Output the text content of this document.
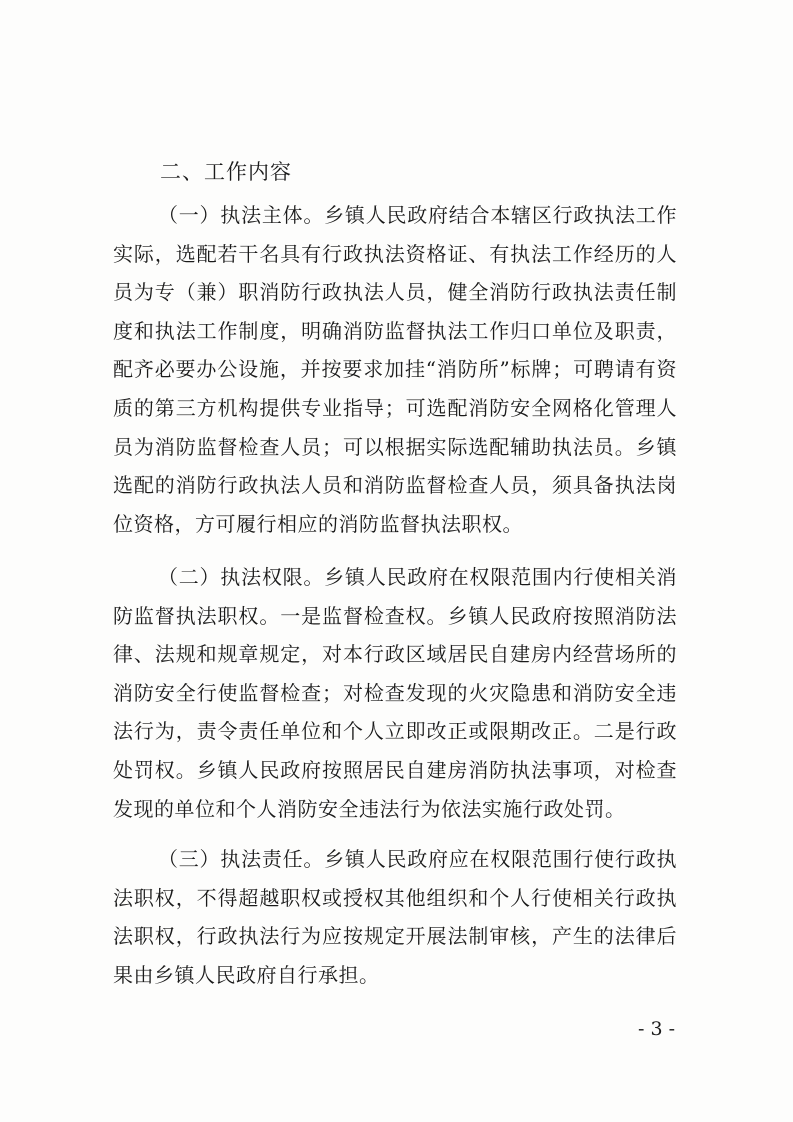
二、工作内容

（一）执法主体。乡镇人民政府结合本辖区行政执法工作实际，选配若干名具有行政执法资格证、有执法工作经历的人员为专（兼）职消防行政执法人员，健全消防行政执法责任制度和执法工作制度，明确消防监督执法工作归口单位及职责，配齐必要办公设施，并按要求加挂“消防所”标牌；可聘请有资质的第三方机构提供专业指导；可选配消防安全网格化管理人员为消防监督检查人员；可以根据实际选配辅助执法员。乡镇选配的消防行政执法人员和消防监督检查人员，须具备执法岗位资格，方可履行相应的消防监督执法职权。

（二）执法权限。乡镇人民政府在权限范围内行使相关消防监督执法职权。一是监督检查权。乡镇人民政府按照消防法律、法规和规章规定，对本行政区域居民自建房内经营场所的消防安全行使监督检查；对检查发现的火灾隐患和消防安全违法行为，责令责任单位和个人立即改正或限期改正。二是行政处罚权。乡镇人民政府按照居民自建房消防执法事项，对检查发现的单位和个人消防安全违法行为依法实施行政处罚。

（三）执法责任。乡镇人民政府应在权限范围行使行政执法职权，不得超越职权或授权其他组织和个人行使相关行政执法职权，行政执法行为应按规定开展法制审核，产生的法律后果由乡镇人民政府自行承担。

- 3 -
